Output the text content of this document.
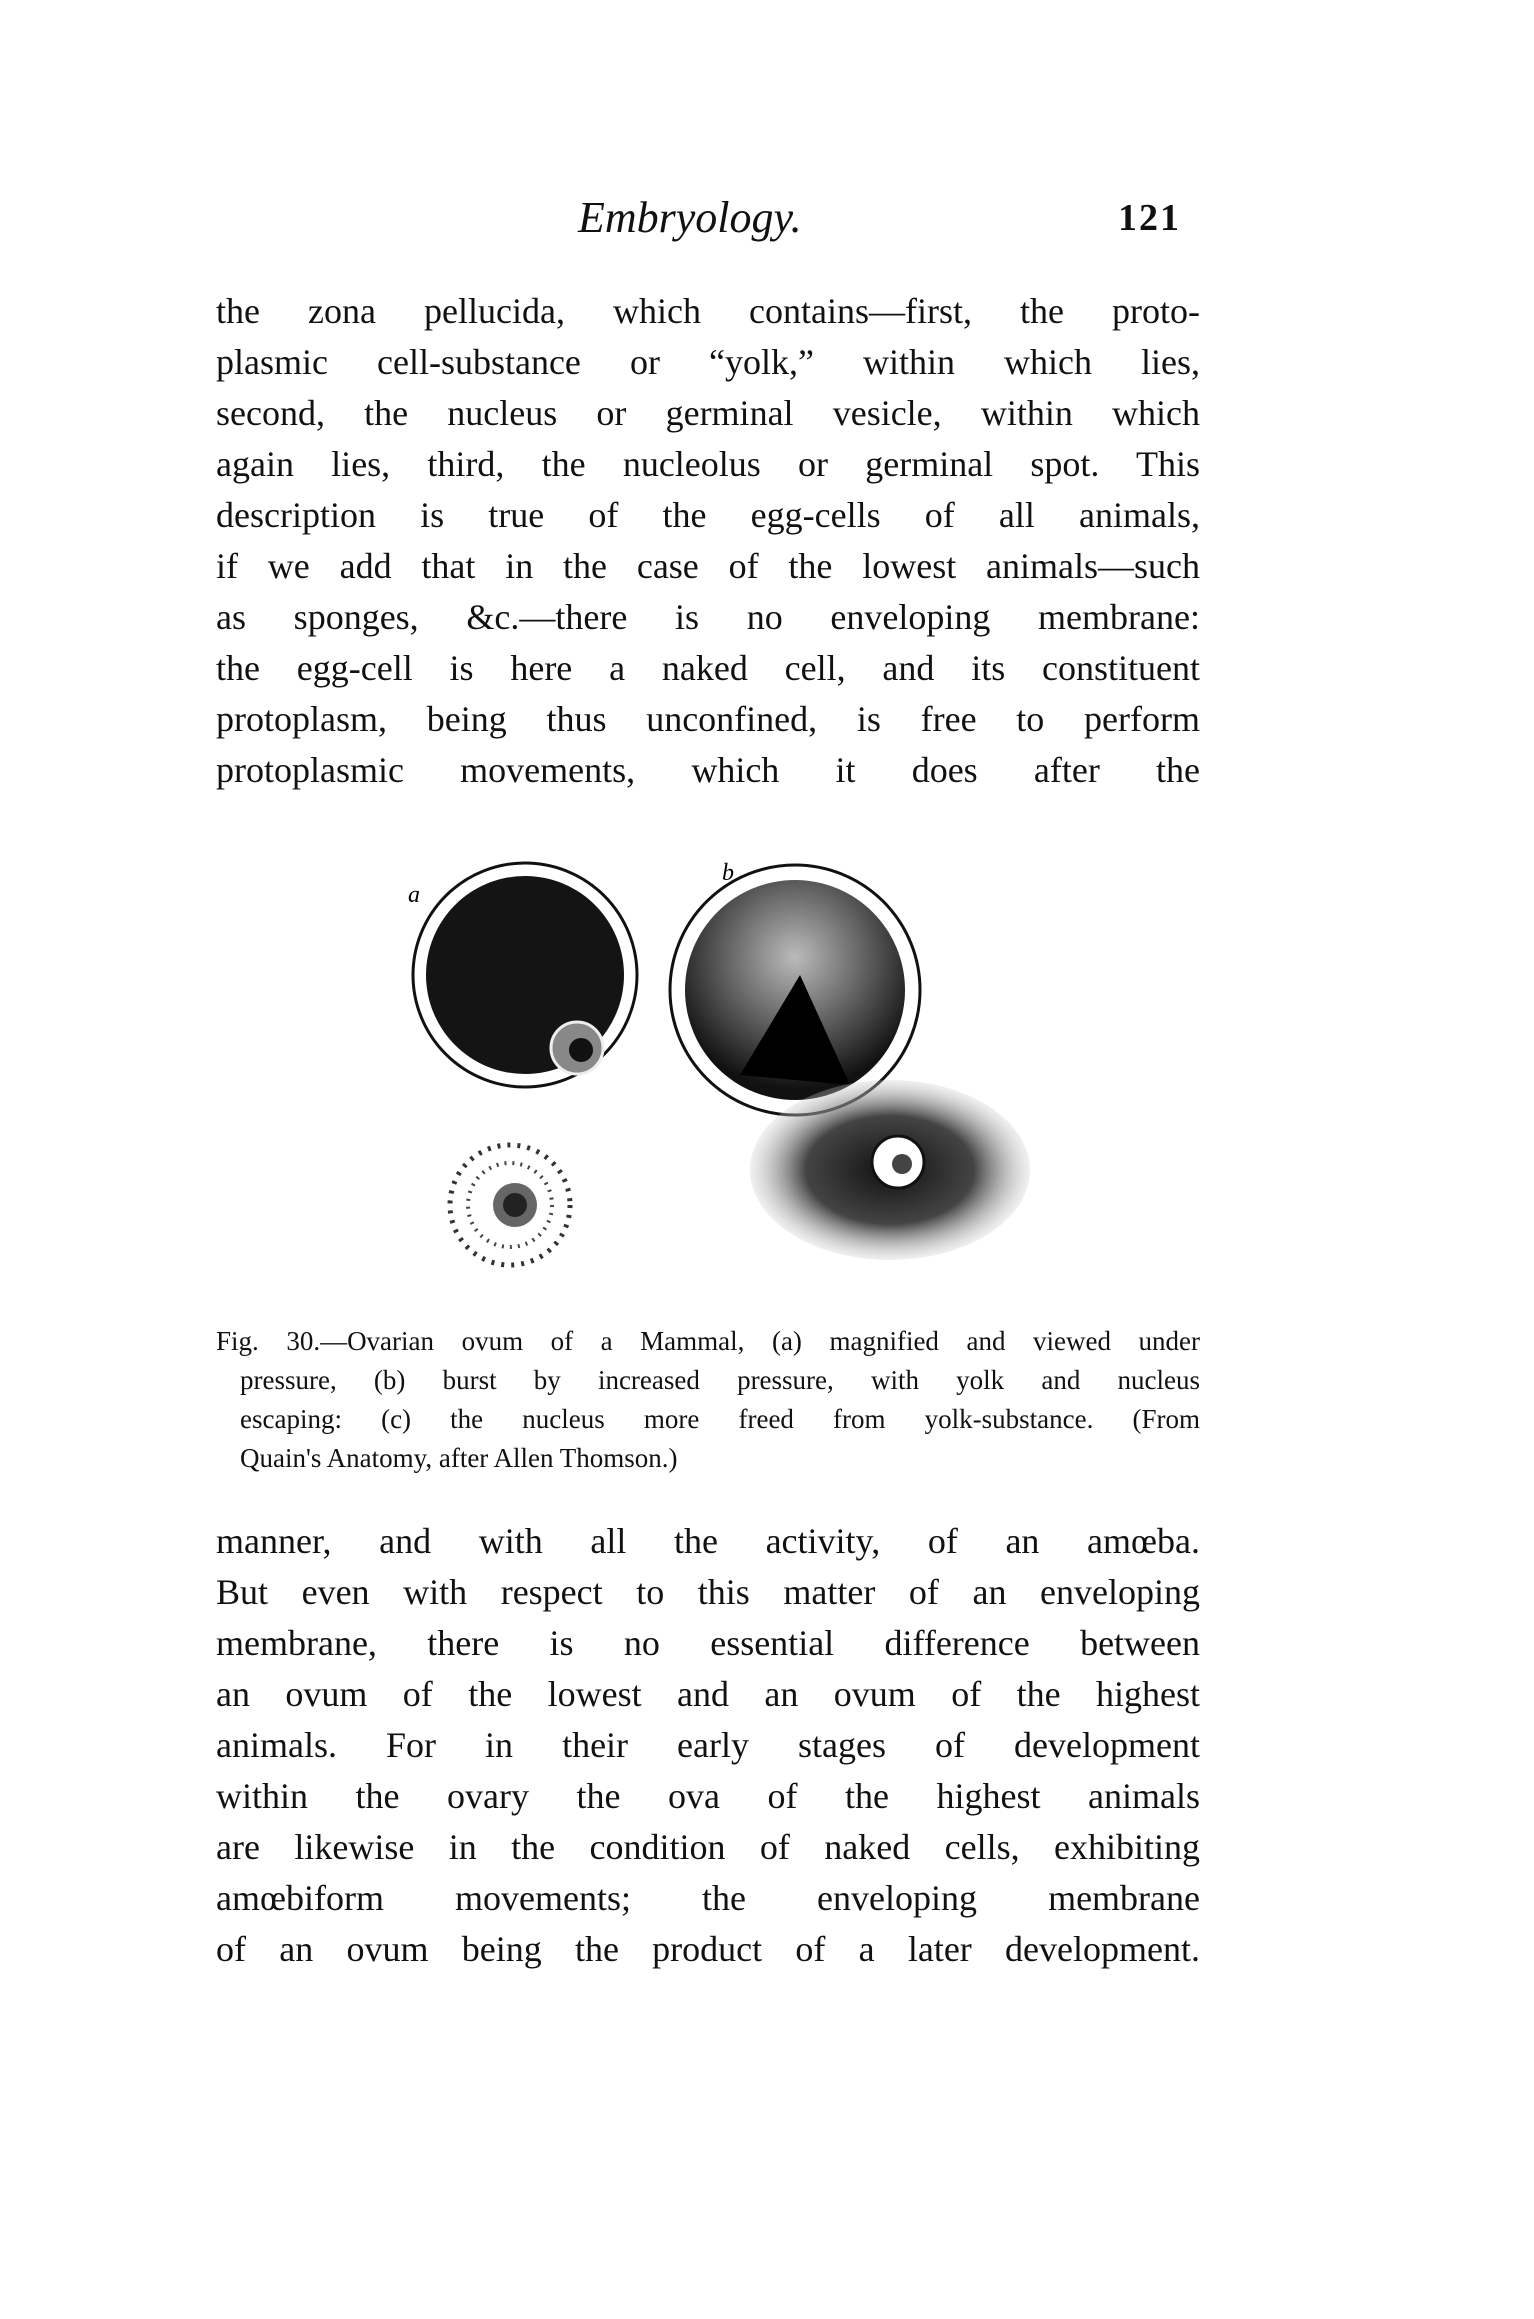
Embryology.	121
the zona pellucida, which contains—first, the proto-
plasmic cell-substance or “yolk,” within which lies,
second, the nucleus or germinal vesicle, within which
again lies, third, the nucleolus or germinal spot. This
description is true of the egg-cells of all animals,
if we add that in the case of the lowest animals—such
as sponges, &c.—there is no enveloping membrane:
the egg-cell is here a naked cell, and its constituent
protoplasm, being thus unconfined, is free to perform
protoplasmic movements, which it does after the
a
b
Fig. 30.—Ovarian ovum of a Mammal, (a) magnified and viewed under
pressure, (b) burst by increased pressure, with yolk and nucleus
escaping: (c) the nucleus more freed from yolk-substance. (From
Quain's Anatomy, after Allen Thomson.)
manner, and with all the activity, of an amœba.
But even with respect to this matter of an enveloping
membrane, there is no essential difference between
an ovum of the lowest and an ovum of the highest
animals. For in their early stages of development
within the ovary the ova of the highest animals
are likewise in the condition of naked cells, exhibiting
amœbiform movements; the enveloping membrane
of an ovum being the product of a later development.
